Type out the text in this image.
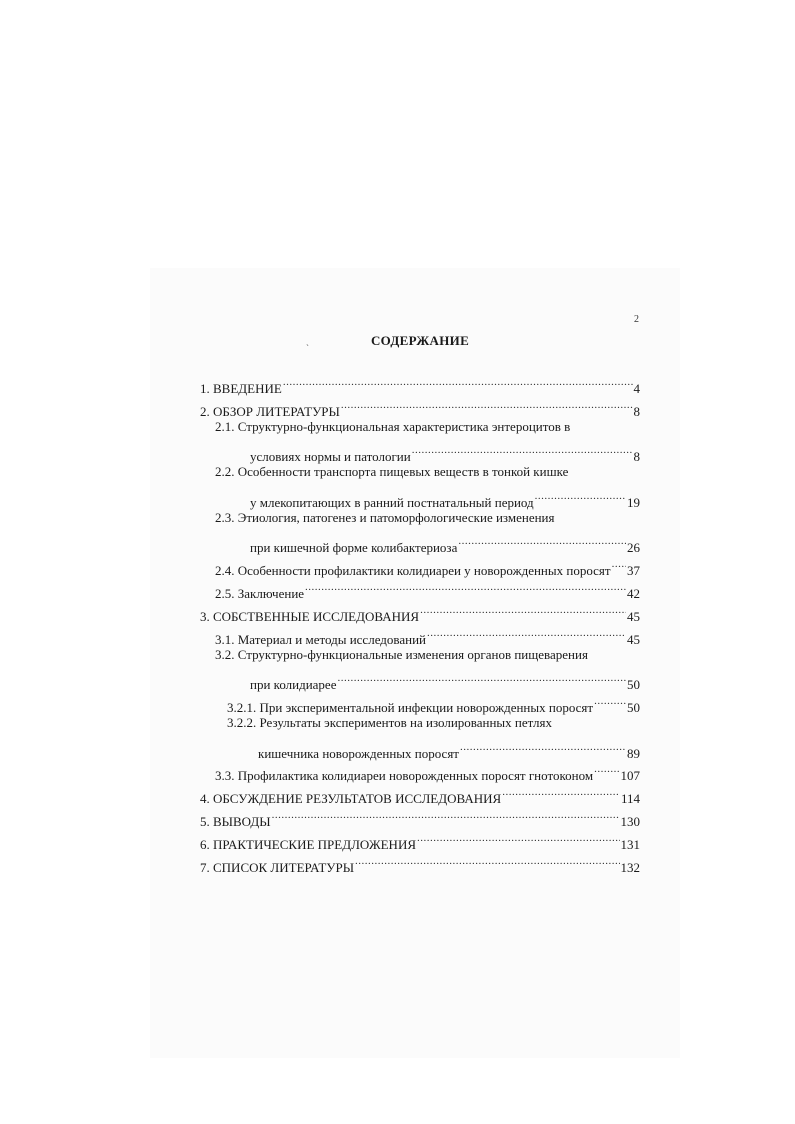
2
ˏ	СОДЕРЖАНИЕ
1. ВВЕДЕНИЕ .....	4
2. ОБЗОР ЛИТЕРАТУРЫ .....	8
2.1. Структурно-функциональная характеристика энтероцитов в
условиях нормы и патологии .....	8
2.2. Особенности транспорта пищевых веществ в тонкой кишке
у млекопитающих в ранний постнатальный период .....	19
2.3. Этиология, патогенез и патоморфологические изменения
при кишечной форме колибактериоза .....	26
2.4. Особенности профилактики колидиареи у новорожденных поросят ..... 37
2.5. Заключение .....	42
3. СОБСТВЕННЫЕ ИССЛЕДОВАНИЯ .....	45
3.1. Материал и методы исследований .....	45
3.2. Структурно-функциональные изменения органов пищеварения
при колидиарее .....	50
3.2.1. При экспериментальной инфекции новорожденных поросят .....	50
3.2.2. Результаты экспериментов на изолированных петлях
кишечника новорожденных поросят .....	89
3.3. Профилактика колидиареи новорожденных поросят гнотоконом ..... 107
4. ОБСУЖДЕНИЕ РЕЗУЛЬТАТОВ ИССЛЕДОВАНИЯ .....	114
5. ВЫВОДЫ .....	130
6. ПРАКТИЧЕСКИЕ ПРЕДЛОЖЕНИЯ .....	131
7. СПИСОК ЛИТЕРАТУРЫ .....	132
